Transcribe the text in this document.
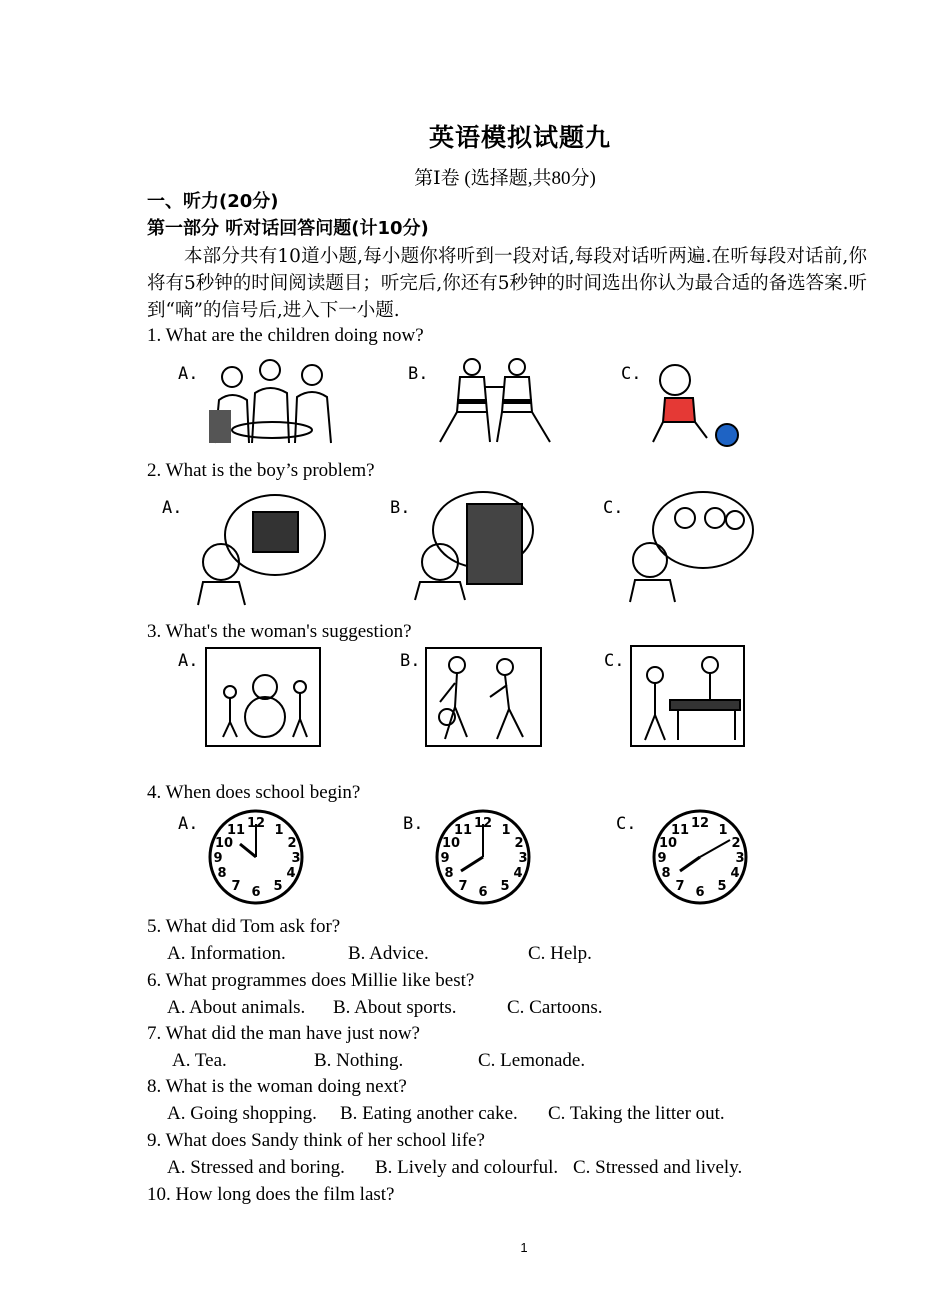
英语模拟试题九
第Ⅰ卷 (选择题,共80分)
一、听力(20分)
第一部分 听对话回答问题(计10分)
本部分共有10道小题,每小题你将听到一段对话,每段对话听两遍.在听每段对话前,你将有5秒钟的时间阅读题目；听完后,你还有5秒钟的时间选出你认为最合适的备选答案.听到“嘀”的信号后,进入下一小题.
1. What are the children doing now?
A.	B.	C.
2. What is the boy’s problem?
A.	B.	C.
3. What's the woman's suggestion?
A.	B.	C.
4. When does school begin?
A.	B.	C.
12 1
2
3
4
5
6
7
8
9
10
11	12 1
2
3
4
5
6
7
8
9
10
11	12 1
2
3
4
5
6
7
8
9
10
11
5. What did Tom ask for?
A. Information.	B. Advice.	C. Help.
6. What programmes does Millie like best?
A. About animals. B. About sports.	C. Cartoons.
7. What did the man have just now?
A. Tea.	B. Nothing.	C. Lemonade.
8. What is the woman doing next?
A. Going shopping. B. Eating another cake. C. Taking the litter out.
9. What does Sandy think of her school life?
A. Stressed and boring. B. Lively and colourful. C. Stressed and lively.
10. How long does the film last?
1
